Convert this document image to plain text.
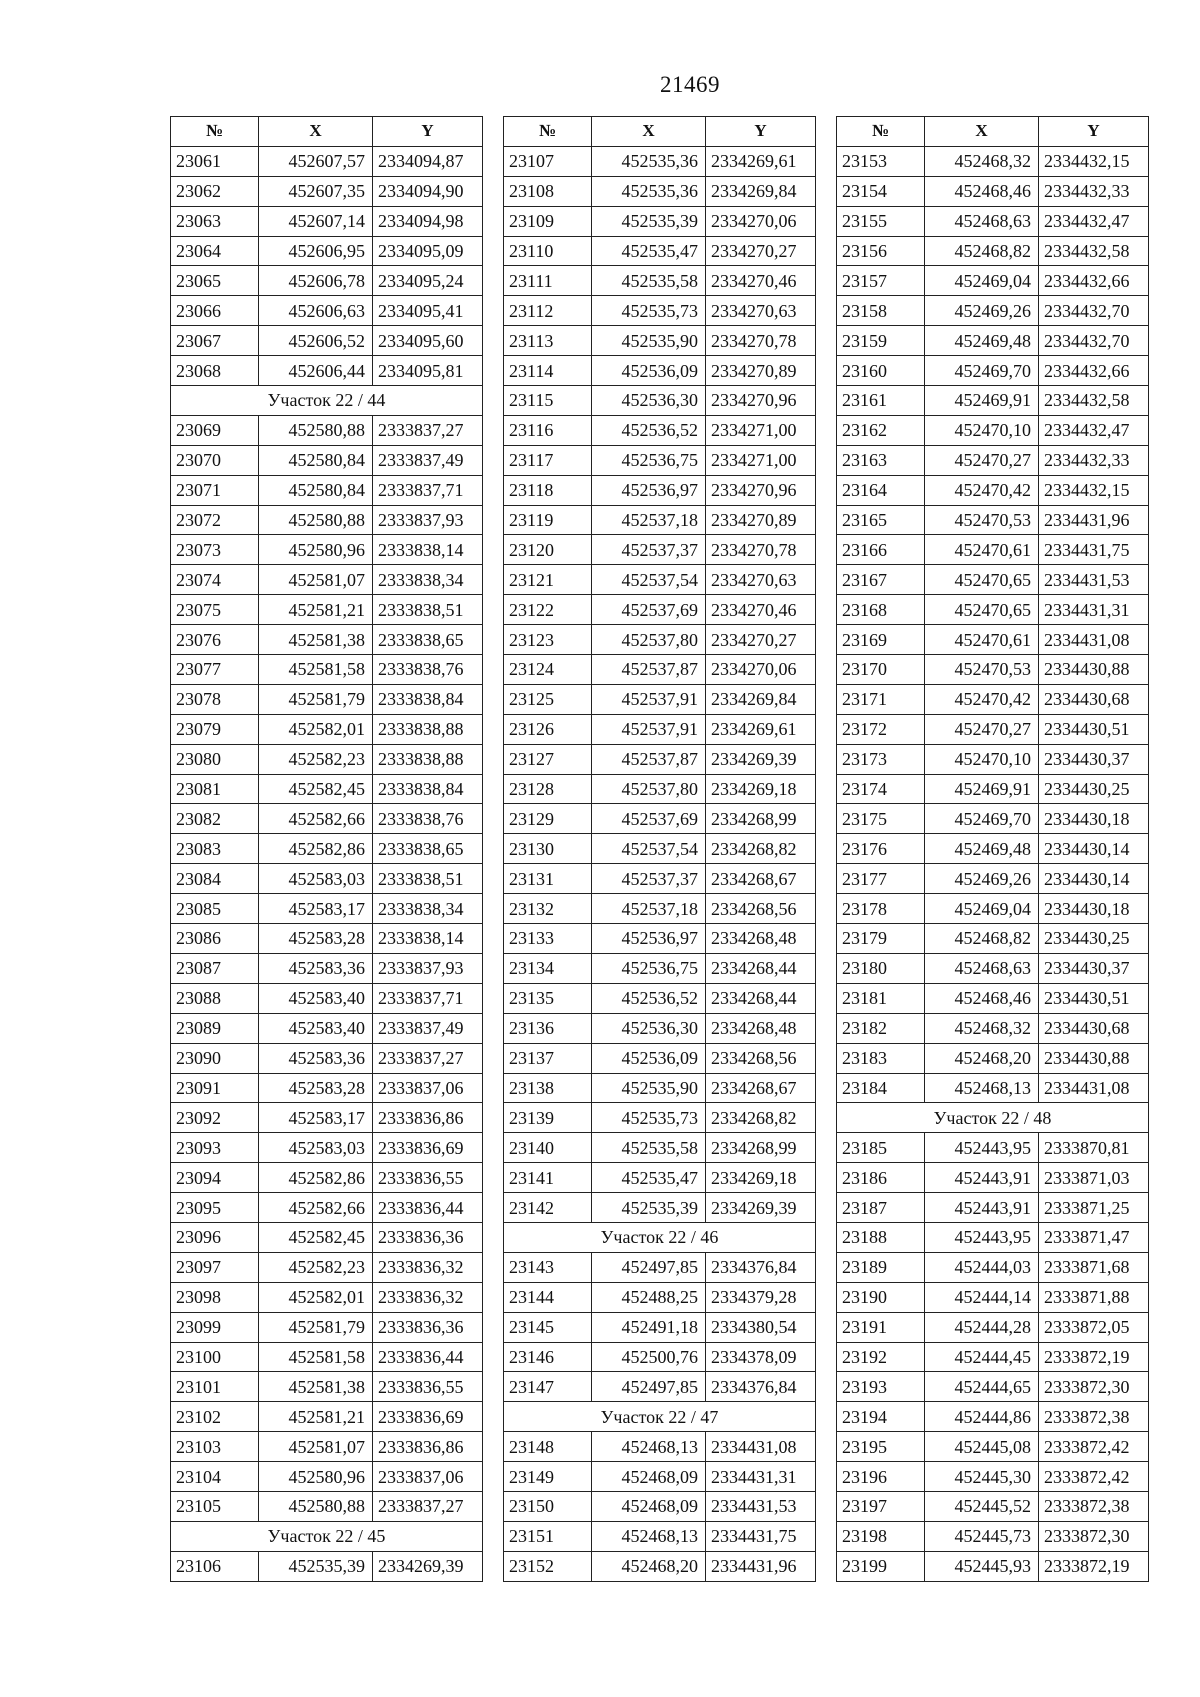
21469
№	X	Y
23061	452607,57	2334094,87
23062	452607,35	2334094,90
23063	452607,14	2334094,98
23064	452606,95	2334095,09
23065	452606,78	2334095,24
23066	452606,63	2334095,41
23067	452606,52	2334095,60
23068	452606,44	2334095,81
Участок 22 / 44		
23069	452580,88	2333837,27
23070	452580,84	2333837,49
23071	452580,84	2333837,71
23072	452580,88	2333837,93
23073	452580,96	2333838,14
23074	452581,07	2333838,34
23075	452581,21	2333838,51
23076	452581,38	2333838,65
23077	452581,58	2333838,76
23078	452581,79	2333838,84
23079	452582,01	2333838,88
23080	452582,23	2333838,88
23081	452582,45	2333838,84
23082	452582,66	2333838,76
23083	452582,86	2333838,65
23084	452583,03	2333838,51
23085	452583,17	2333838,34
23086	452583,28	2333838,14
23087	452583,36	2333837,93
23088	452583,40	2333837,71
23089	452583,40	2333837,49
23090	452583,36	2333837,27
23091	452583,28	2333837,06
23092	452583,17	2333836,86
23093	452583,03	2333836,69
23094	452582,86	2333836,55
23095	452582,66	2333836,44
23096	452582,45	2333836,36
23097	452582,23	2333836,32
23098	452582,01	2333836,32
23099	452581,79	2333836,36
23100	452581,58	2333836,44
23101	452581,38	2333836,55
23102	452581,21	2333836,69
23103	452581,07	2333836,86
23104	452580,96	2333837,06
23105	452580,88	2333837,27
Участок 22 / 45		
23106	452535,39	2334269,39
№	X	Y
23107	452535,36	2334269,61
23108	452535,36	2334269,84
23109	452535,39	2334270,06
23110	452535,47	2334270,27
23111	452535,58	2334270,46
23112	452535,73	2334270,63
23113	452535,90	2334270,78
23114	452536,09	2334270,89
23115	452536,30	2334270,96
23116	452536,52	2334271,00
23117	452536,75	2334271,00
23118	452536,97	2334270,96
23119	452537,18	2334270,89
23120	452537,37	2334270,78
23121	452537,54	2334270,63
23122	452537,69	2334270,46
23123	452537,80	2334270,27
23124	452537,87	2334270,06
23125	452537,91	2334269,84
23126	452537,91	2334269,61
23127	452537,87	2334269,39
23128	452537,80	2334269,18
23129	452537,69	2334268,99
23130	452537,54	2334268,82
23131	452537,37	2334268,67
23132	452537,18	2334268,56
23133	452536,97	2334268,48
23134	452536,75	2334268,44
23135	452536,52	2334268,44
23136	452536,30	2334268,48
23137	452536,09	2334268,56
23138	452535,90	2334268,67
23139	452535,73	2334268,82
23140	452535,58	2334268,99
23141	452535,47	2334269,18
23142	452535,39	2334269,39
Участок 22 / 46		
23143	452497,85	2334376,84
23144	452488,25	2334379,28
23145	452491,18	2334380,54
23146	452500,76	2334378,09
23147	452497,85	2334376,84
Участок 22 / 47		
23148	452468,13	2334431,08
23149	452468,09	2334431,31
23150	452468,09	2334431,53
23151	452468,13	2334431,75
23152	452468,20	2334431,96
№	X	Y
23153	452468,32	2334432,15
23154	452468,46	2334432,33
23155	452468,63	2334432,47
23156	452468,82	2334432,58
23157	452469,04	2334432,66
23158	452469,26	2334432,70
23159	452469,48	2334432,70
23160	452469,70	2334432,66
23161	452469,91	2334432,58
23162	452470,10	2334432,47
23163	452470,27	2334432,33
23164	452470,42	2334432,15
23165	452470,53	2334431,96
23166	452470,61	2334431,75
23167	452470,65	2334431,53
23168	452470,65	2334431,31
23169	452470,61	2334431,08
23170	452470,53	2334430,88
23171	452470,42	2334430,68
23172	452470,27	2334430,51
23173	452470,10	2334430,37
23174	452469,91	2334430,25
23175	452469,70	2334430,18
23176	452469,48	2334430,14
23177	452469,26	2334430,14
23178	452469,04	2334430,18
23179	452468,82	2334430,25
23180	452468,63	2334430,37
23181	452468,46	2334430,51
23182	452468,32	2334430,68
23183	452468,20	2334430,88
23184	452468,13	2334431,08
Участок 22 / 48		
23185	452443,95	2333870,81
23186	452443,91	2333871,03
23187	452443,91	2333871,25
23188	452443,95	2333871,47
23189	452444,03	2333871,68
23190	452444,14	2333871,88
23191	452444,28	2333872,05
23192	452444,45	2333872,19
23193	452444,65	2333872,30
23194	452444,86	2333872,38
23195	452445,08	2333872,42
23196	452445,30	2333872,42
23197	452445,52	2333872,38
23198	452445,73	2333872,30
23199	452445,93	2333872,19
